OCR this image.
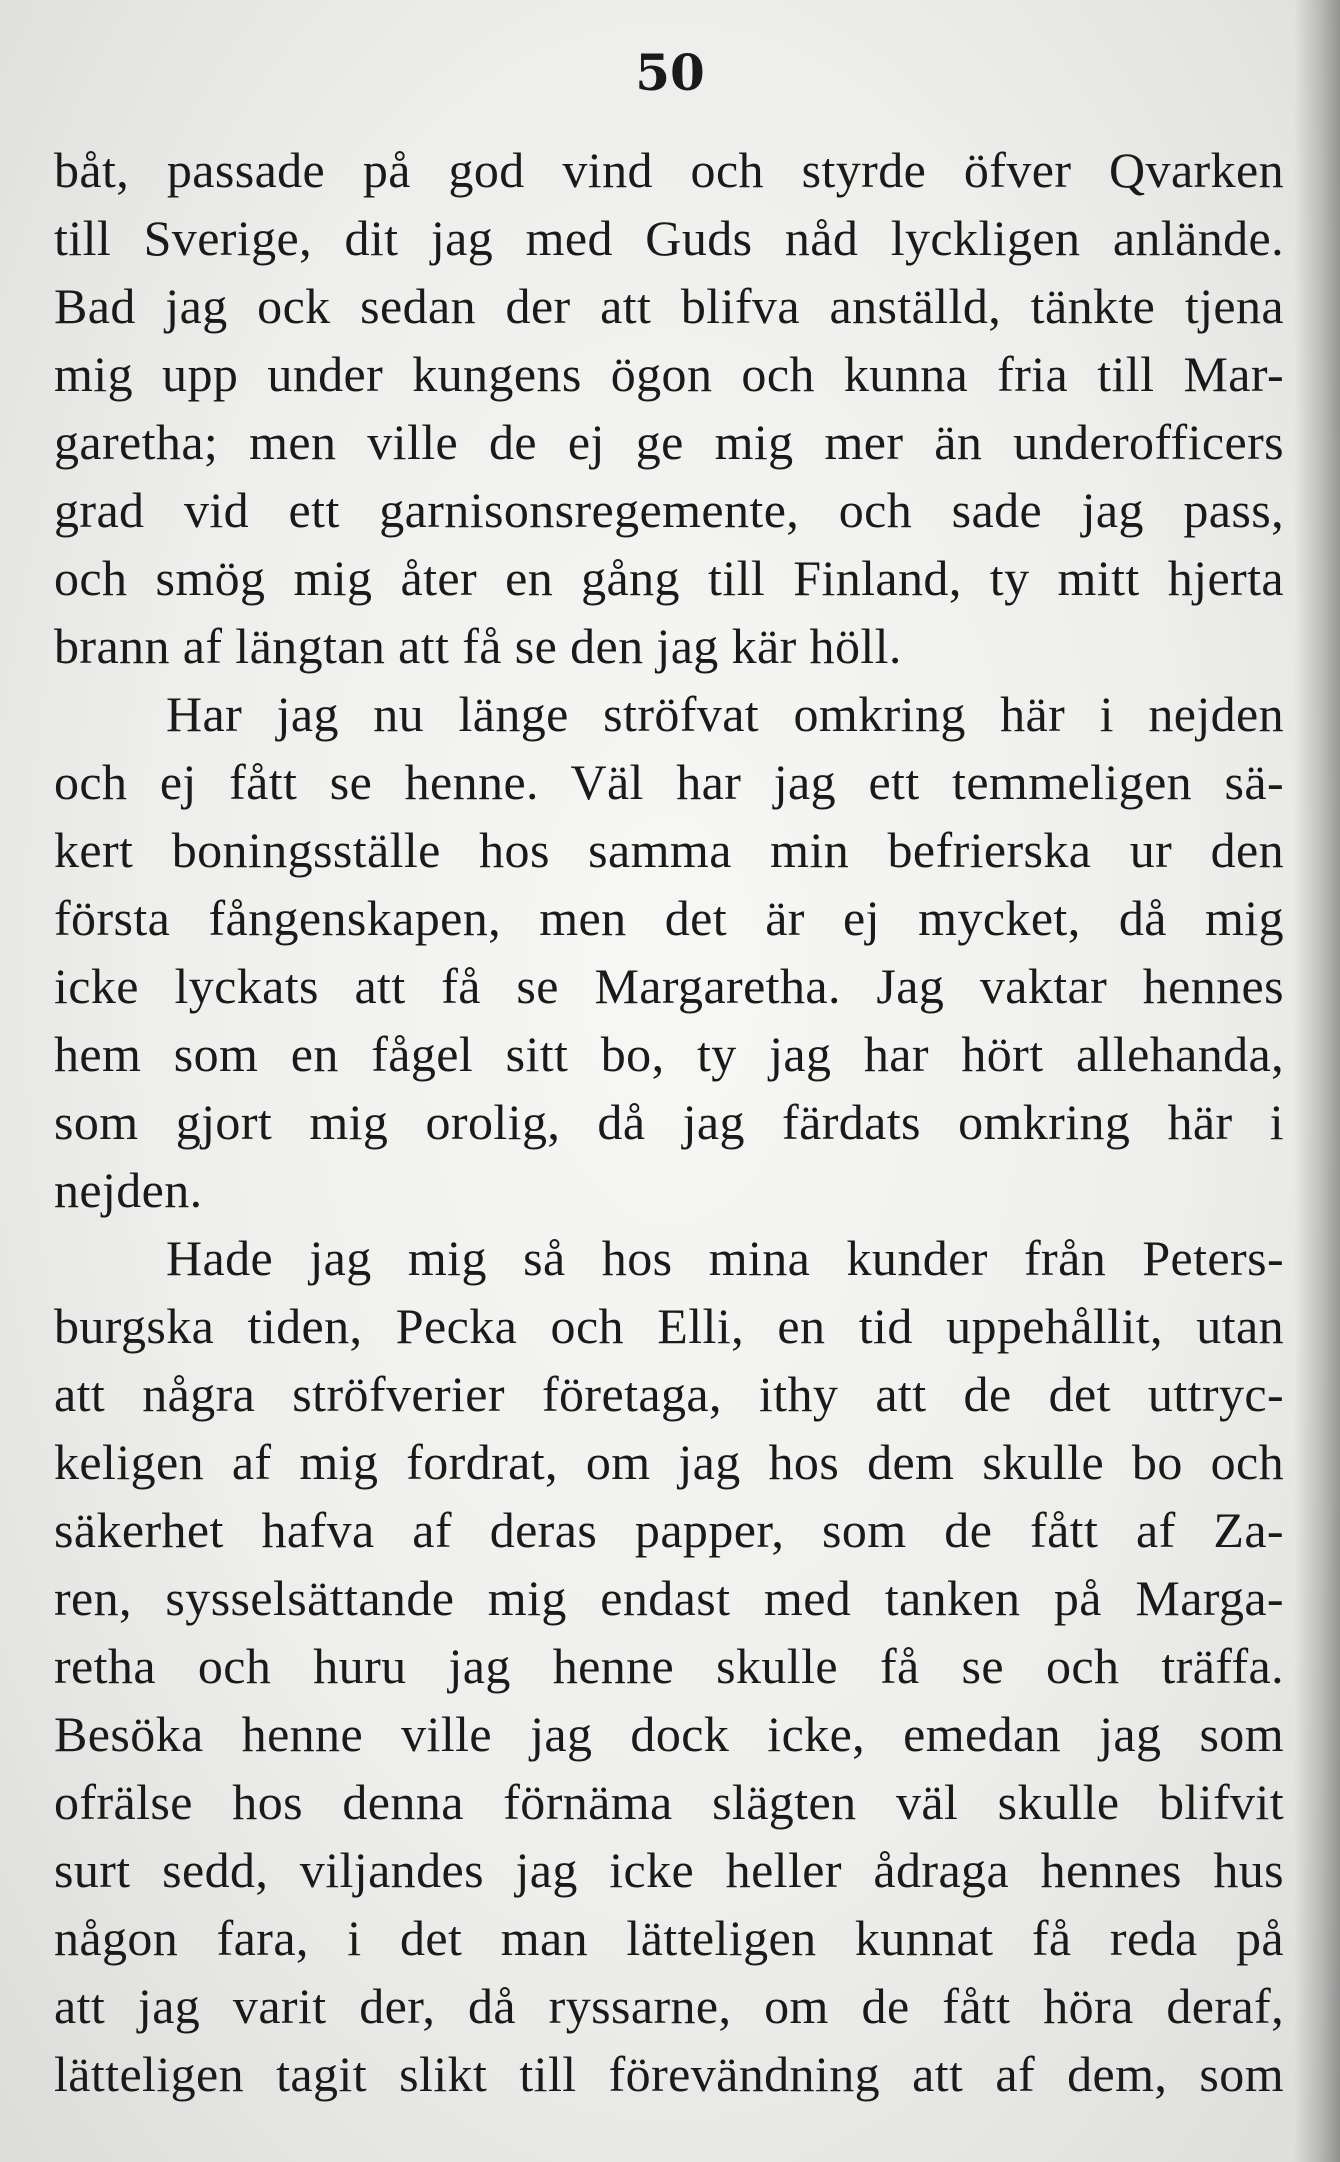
50
båt, passade på god vind och styrde öfver Qvarken
till Sverige, dit jag med Guds nåd lyckligen anlände.
Bad jag ock sedan der att blifva anställd, tänkte tjena
mig upp under kungens ögon och kunna fria till Mar-
garetha; men ville de ej ge mig mer än underofficers
grad vid ett garnisonsregemente, och sade jag pass,
och smög mig åter en gång till Finland, ty mitt hjerta
brann af längtan att få se den jag kär höll.
Har jag nu länge ströfvat omkring här i nejden
och ej fått se henne. Väl har jag ett temmeligen sä-
kert boningsställe hos samma min befrierska ur den
första fångenskapen, men det är ej mycket, då mig
icke lyckats att få se Margaretha. Jag vaktar hennes
hem som en fågel sitt bo, ty jag har hört allehanda,
som gjort mig orolig, då jag färdats omkring här i
nejden.
Hade jag mig så hos mina kunder från Peters-
burgska tiden, Pecka och Elli, en tid uppehållit, utan
att några ströfverier företaga, ithy att de det uttryc-
keligen af mig fordrat, om jag hos dem skulle bo och
säkerhet hafva af deras papper, som de fått af Za-
ren, sysselsättande mig endast med tanken på Marga-
retha och huru jag henne skulle få se och träffa.
Besöka henne ville jag dock icke, emedan jag som
ofrälse hos denna förnäma slägten väl skulle blifvit
surt sedd, viljandes jag icke heller ådraga hennes hus
någon fara, i det man lätteligen kunnat få reda på
att jag varit der, då ryssarne, om de fått höra deraf,
lätteligen tagit slikt till förevändning att af dem, som
